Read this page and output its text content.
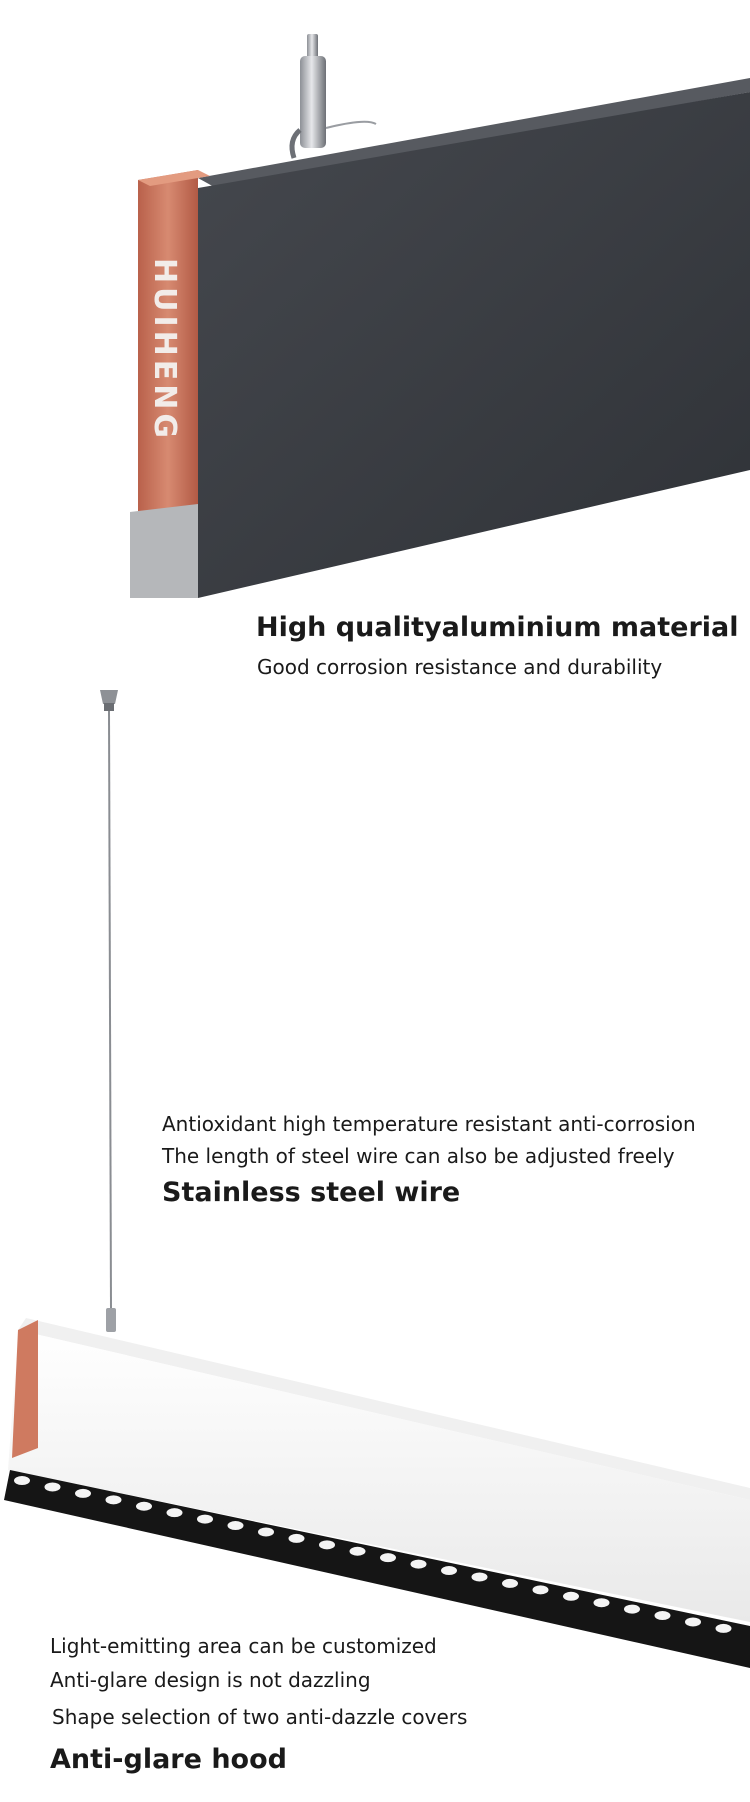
HUIHENG
High qualityaluminium material
Good corrosion resistance and durability
Antioxidant high temperature resistant anti-corrosion
The length of steel wire can also be adjusted freely
Stainless steel wire
Light-emitting area can be customized
Anti-glare design is not dazzling
Shape selection of two anti-dazzle covers
Anti-glare hood
